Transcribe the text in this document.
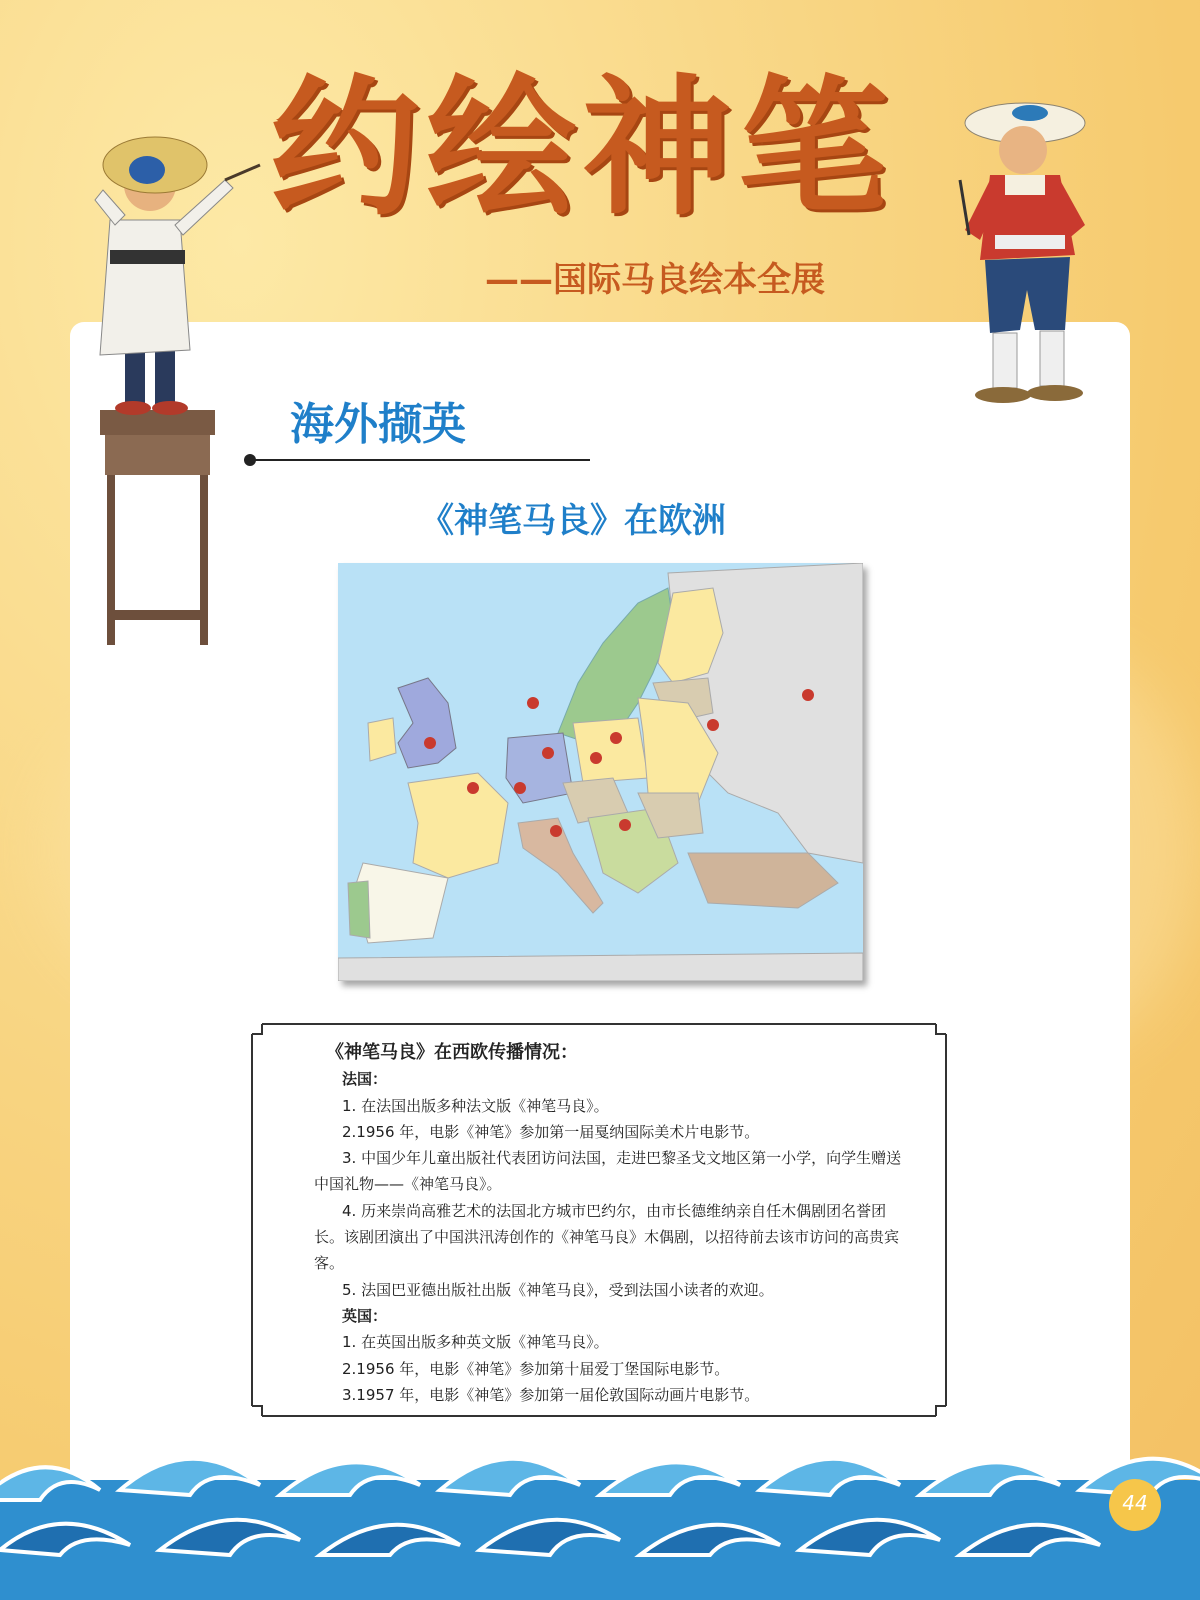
约绘神笔
——国际马良绘本全展
海外撷英
《神笔马良》在欧洲
《神笔马良》在西欧传播情况：
法国：
1. 在法国出版多种法文版《神笔马良》。
2.1956 年，电影《神笔》参加第一届戛纳国际美术片电影节。
3. 中国少年儿童出版社代表团访问法国，走进巴黎圣戈文地区第一小学，向学生赠送中国礼物——《神笔马良》。
4. 历来崇尚高雅艺术的法国北方城市巴约尔，由市长德维纳亲自任木偶剧团名誉团长。该剧团演出了中国洪汛涛创作的《神笔马良》木偶剧，以招待前去该市访问的高贵宾客。
5. 法国巴亚德出版社出版《神笔马良》，受到法国小读者的欢迎。
英国：
1. 在英国出版多种英文版《神笔马良》。
2.1956 年，电影《神笔》参加第十届爱丁堡国际电影节。
3.1957 年，电影《神笔》参加第一届伦敦国际动画片电影节。
44
